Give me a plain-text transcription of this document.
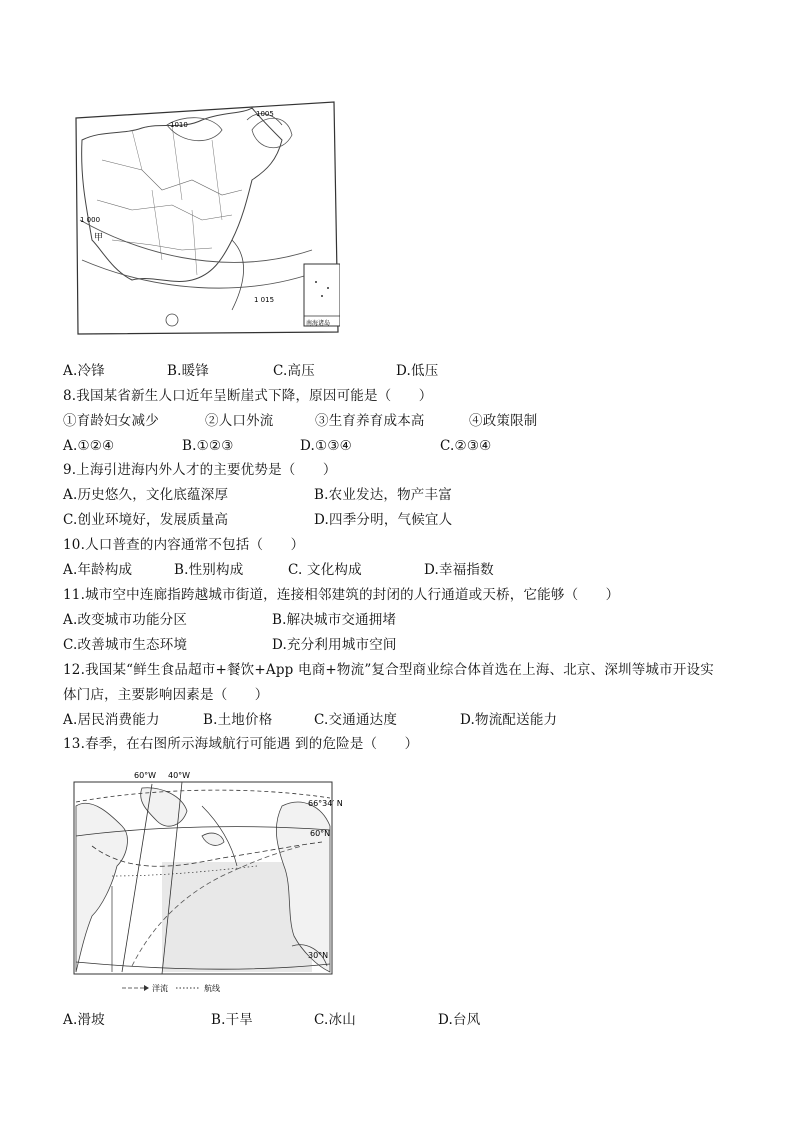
1010
1005
1 000
1 015
甲
南海诸岛
A.冷锋	B.暖锋	C.高压	D.低压
8.我国某省新生人口近年呈断崖式下降，原因可能是（　　）
①育龄妇女减少	②人口外流	③生育养育成本高	④政策限制
A.①②④	B.①②③	D.①③④	C.②③④
9.上海引进海内外人才的主要优势是（　　）
A.历史悠久，文化底蕴深厚	B.农业发达，物产丰富
C.创业环境好，发展质量高	D.四季分明，气候宜人
10.人口普查的内容通常不包括（　　）
A.年龄构成	B.性别构成	C. 文化构成	D.幸福指数
11.城市空中连廊指跨越城市街道，连接相邻建筑的封闭的人行通道或天桥，它能够（　　）
A.改变城市功能分区	B.解决城市交通拥堵
C.改善城市生态环境	D.充分利用城市空间
12.我国某“鲜生食品超市+餐饮+App 电商+物流”复合型商业综合体首选在上海、北京、深圳等城市开设实
体门店，主要影响因素是（　　）
A.居民消费能力	B.土地价格	C.交通通达度	D.物流配送能力
13.春季，在右图所示海域航行可能遇 到的危险是（　　）
60°W 40°W
66°34′ N
60°N
30°N
洋流	航线
A.滑坡	B.干旱	C.冰山	D.台风
